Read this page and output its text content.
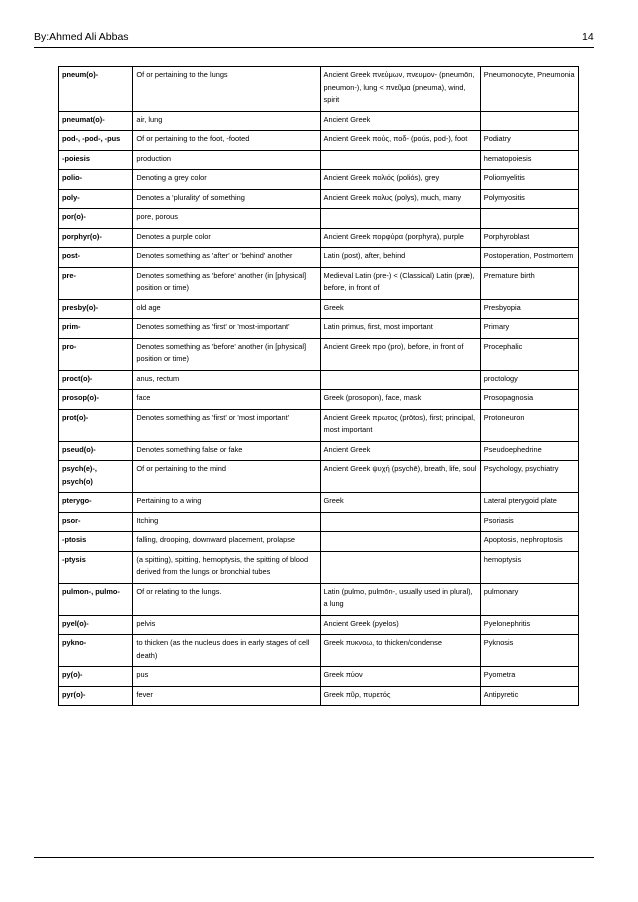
By:Ahmed Ali Abbas	14
pneum(o)-	Of or pertaining to the lungs	Ancient Greek πνεύμων, πνευμον- (pneumōn, pneumon-), lung < πνεῦμα (pneuma), wind, spirit	Pneumonocyte, Pneumonia
pneumat(o)-	air, lung	Ancient Greek	
pod-, -pod-, -pus	Of or pertaining to the foot, -footed	Ancient Greek πούς, ποδ- (poús, pod-), foot	Podiatry
-poiesis	production		hematopoiesis
polio-	Denoting a grey color	Ancient Greek πολιός (poliós), grey	Poliomyelitis
poly-	Denotes a 'plurality' of something	Ancient Greek πολυς (polys), much, many	Polymyositis
por(o)-	pore, porous		
porphyr(o)-	Denotes a purple color	Ancient Greek πορφύρα (porphyra), purple	Porphyroblast
post-	Denotes something as 'after' or 'behind' another	Latin (post), after, behind	Postoperation, Postmortem
pre-	Denotes something as 'before' another (in [physical] position or time)	Medieval Latin (pre-) < (Classical) Latin (præ), before, in front of	Premature birth
presby(o)-	old age	Greek	Presbyopia
prim-	Denotes something as 'first' or 'most-important'	Latin primus, first, most important	Primary
pro-	Denotes something as 'before' another (in [physical] position or time)	Ancient Greek προ (pro), before, in front of	Procephalic
proct(o)-	anus, rectum		proctology
prosop(o)-	face	Greek (prosopon), face, mask	Prosopagnosia
prot(o)-	Denotes something as 'first' or 'most important'	Ancient Greek πρωτος (prōtos), first; principal, most important	Protoneuron
pseud(o)-	Denotes something false or fake	Ancient Greek	Pseudoephedrine
psych(e)-, psych(o)	Of or pertaining to the mind	Ancient Greek ψυχή (psychē), breath, life, soul	Psychology, psychiatry
pterygo-	Pertaining to a wing	Greek	Lateral pterygoid plate
psor-	Itching		Psoriasis
-ptosis	falling, drooping, downward placement, prolapse		Apoptosis, nephroptosis
-ptysis	(a spitting), spitting, hemoptysis, the spitting of blood derived from the lungs or bronchial tubes		hemoptysis
pulmon-, pulmo-	Of or relating to the lungs.	Latin (pulmo, pulmōn-, usually used in plural), a lung	pulmonary
pyel(o)-	pelvis	Ancient Greek (pyelos)	Pyelonephritis
pykno-	to thicken (as the nucleus does in early stages of cell death)	Greek πυκνοω, to thicken/condense	Pyknosis
py(o)-	pus	Greek πύον	Pyometra
pyr(o)-	fever	Greek πῦρ, πυρετός	Antipyretic
